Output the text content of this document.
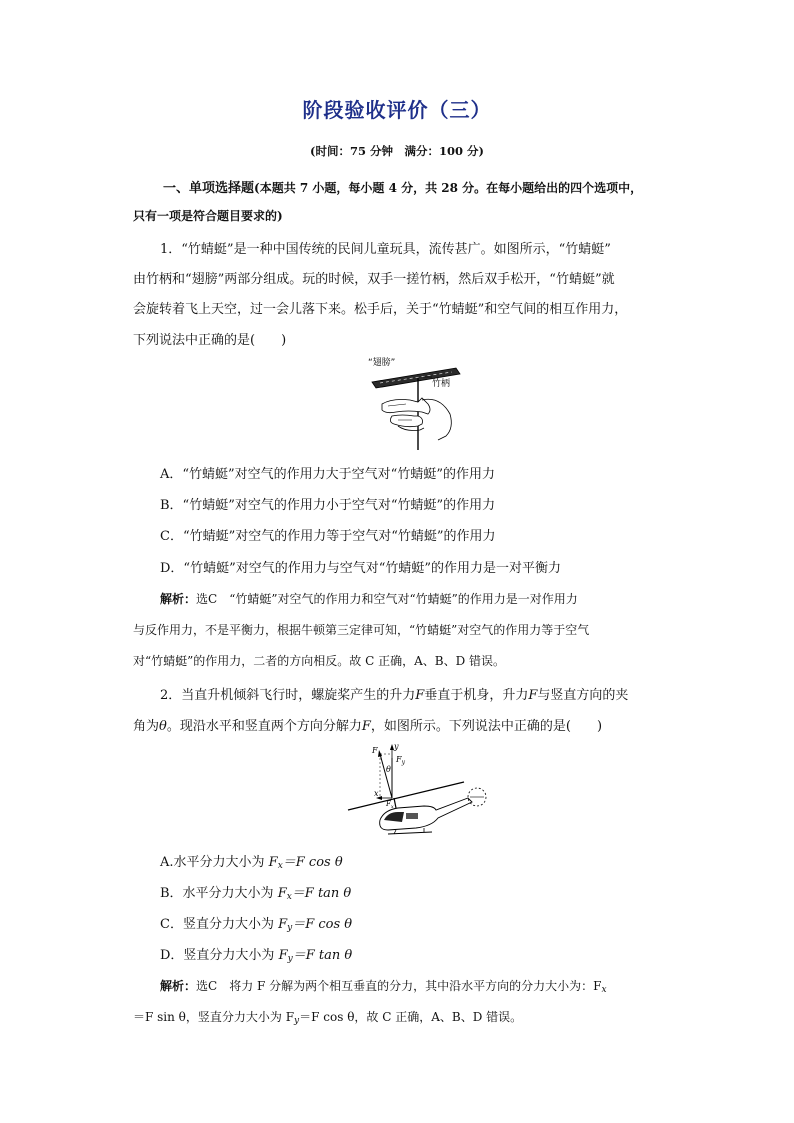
阶段验收评价（三）
(时间：75 分钟　满分：100 分)
一、单项选择题(本题共 7 小题，每小题 4 分，共 28 分。在每小题给出的四个选项中，
只有一项是符合题目要求的)
1．“竹蜻蜓”是一种中国传统的民间儿童玩具，流传甚广。如图所示，“竹蜻蜓”
由竹柄和“翅膀”两部分组成。玩的时候，双手一搓竹柄，然后双手松开，“竹蜻蜓”就
会旋转着飞上天空，过一会儿落下来。松手后，关于“竹蜻蜓”和空气间的相互作用力，
下列说法中正确的是(　　)
“翅膀”
竹柄
A．“竹蜻蜓”对空气的作用力大于空气对“竹蜻蜓”的作用力
B．“竹蜻蜓”对空气的作用力小于空气对“竹蜻蜓”的作用力
C．“竹蜻蜓”对空气的作用力等于空气对“竹蜻蜓”的作用力
D．“竹蜻蜓”对空气的作用力与空气对“竹蜻蜓”的作用力是一对平衡力
解析：选C　“竹蜻蜓”对空气的作用力和空气对“竹蜻蜓”的作用力是一对作用力
与反作用力，不是平衡力，根据牛顿第三定律可知，“竹蜻蜓”对空气的作用力等于空气
对“竹蜻蜓”的作用力，二者的方向相反。故 C 正确，A、B、D 错误。
2．当直升机倾斜飞行时，螺旋桨产生的升力F垂直于机身，升力F与竖直方向的夹
角为θ。现沿水平和竖直两个方向分解力F，如图所示。下列说法中正确的是(　　)
y
x
F
$F_y$
θ
$F_x$
A.水平分力大小为 $F_x=F$ cos θ
B．水平分力大小为 $F_x=F$ tan θ
C．竖直分力大小为 $F_y=F$ cos θ
D．竖直分力大小为 $F_y=F$ tan θ
解析：选C　将力 F 分解为两个相互垂直的分力，其中沿水平方向的分力大小为：$F_x$
＝F sin θ，竖直分力大小为 $F_y=F$ cos θ，故 C 正确，A、B、D 错误。
